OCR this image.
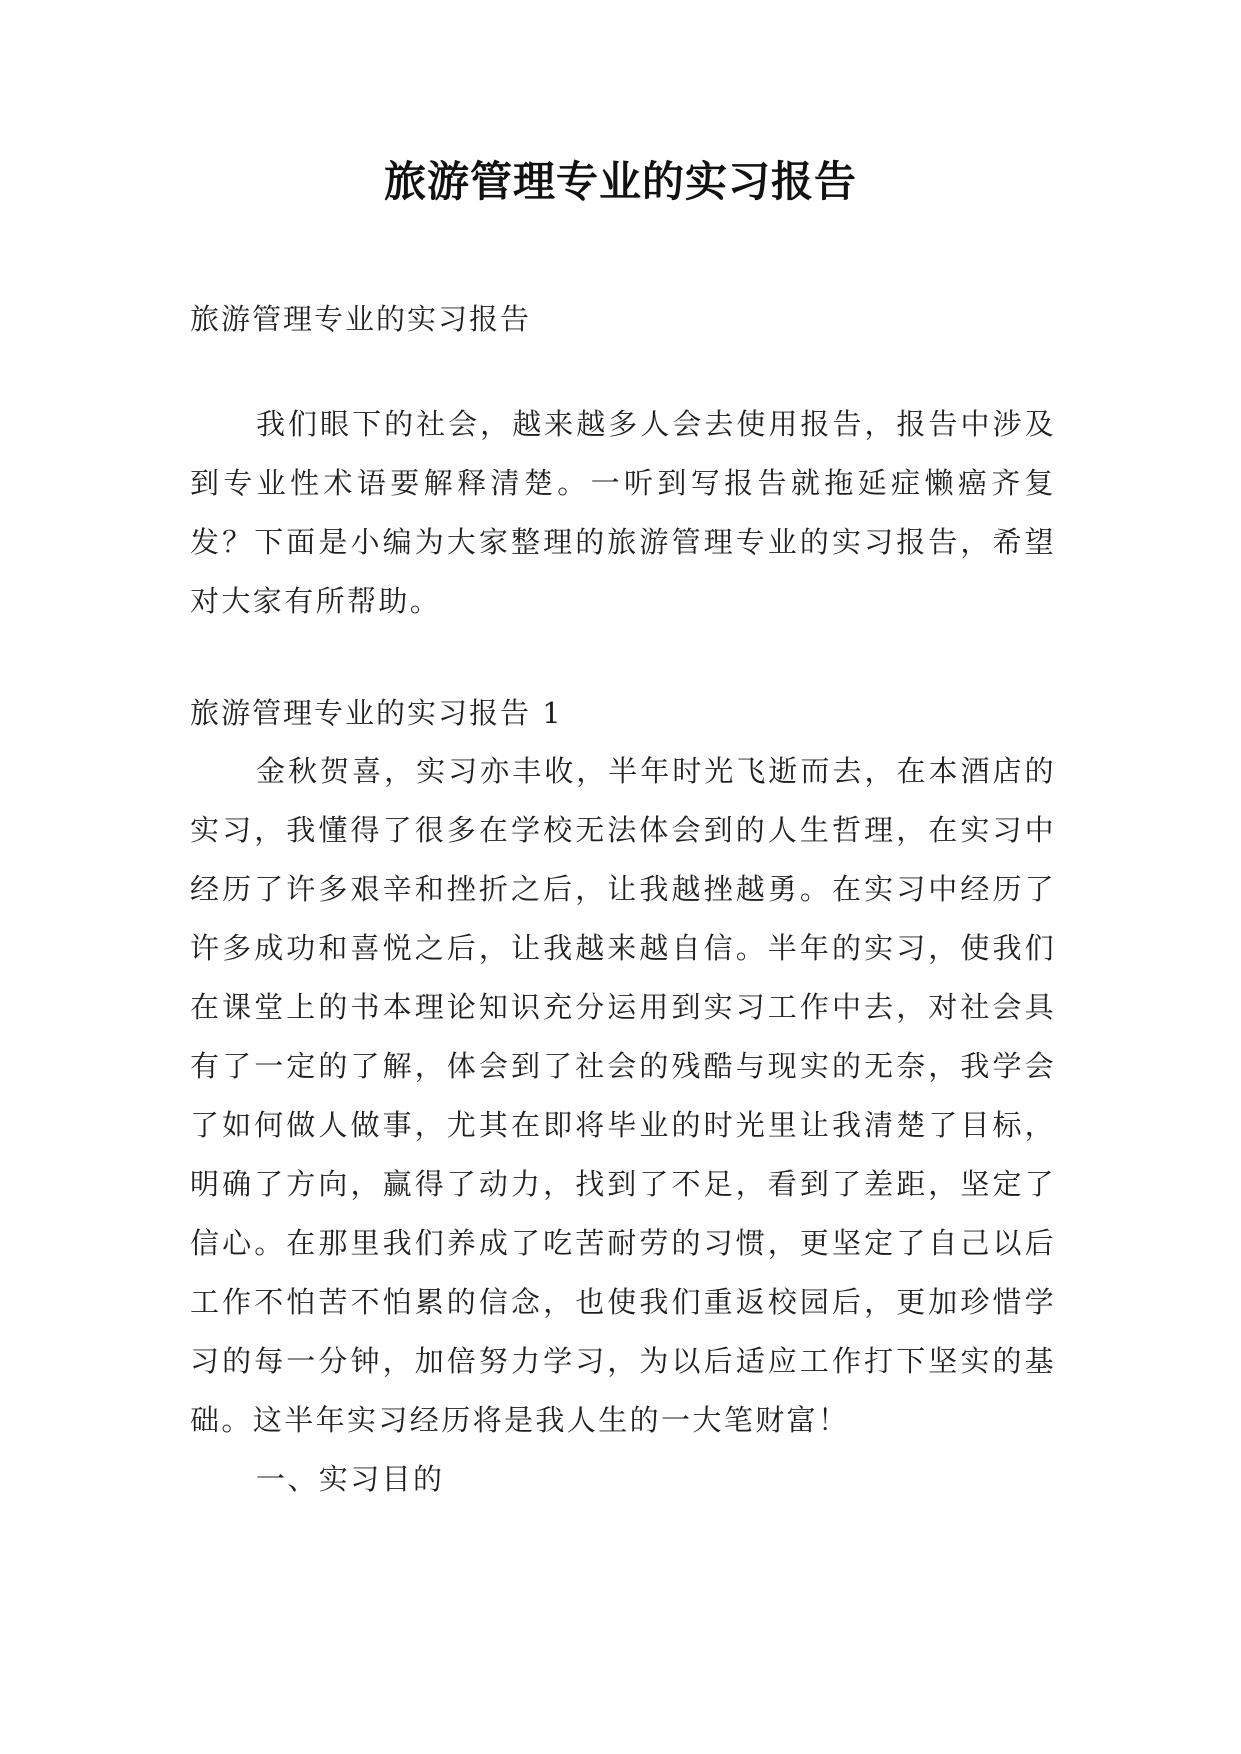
旅游管理专业的实习报告

旅游管理专业的实习报告

我们眼下的社会，越来越多人会去使用报告，报告中涉及到专业性术语要解释清楚。一听到写报告就拖延症懒癌齐复发？下面是小编为大家整理的旅游管理专业的实习报告，希望对大家有所帮助。

旅游管理专业的实习报告 1

金秋贺喜，实习亦丰收，半年时光飞逝而去，在本酒店的实习，我懂得了很多在学校无法体会到的人生哲理，在实习中经历了许多艰辛和挫折之后，让我越挫越勇。在实习中经历了许多成功和喜悦之后，让我越来越自信。半年的实习，使我们在课堂上的书本理论知识充分运用到实习工作中去，对社会具有了一定的了解，体会到了社会的残酷与现实的无奈，我学会了如何做人做事，尤其在即将毕业的时光里让我清楚了目标，明确了方向，赢得了动力，找到了不足，看到了差距，坚定了信心。在那里我们养成了吃苦耐劳的习惯，更坚定了自己以后工作不怕苦不怕累的信念，也使我们重返校园后，更加珍惜学习的每一分钟，加倍努力学习，为以后适应工作打下坚实的基础。这半年实习经历将是我人生的一大笔财富！

一、实习目的
